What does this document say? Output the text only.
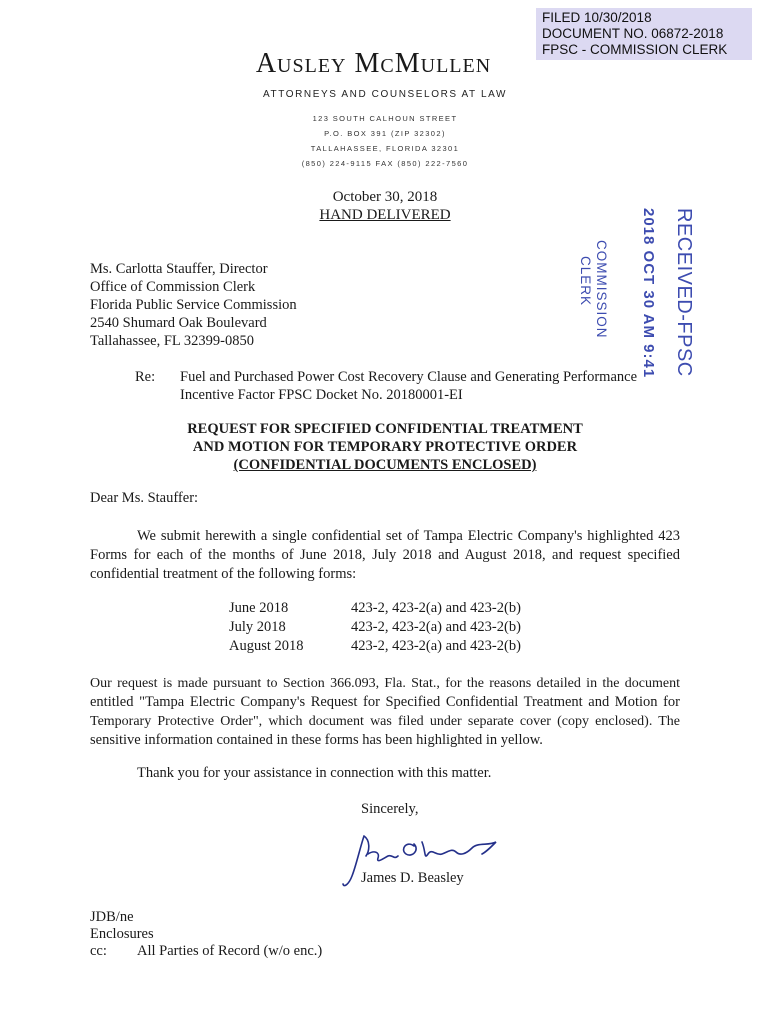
FILED 10/30/2018
DOCUMENT NO. 06872-2018
FPSC - COMMISSION CLERK
Ausley McMullen
ATTORNEYS AND COUNSELORS AT LAW
123 SOUTH CALHOUN STREET
P.O. BOX 391 (ZIP 32302)
TALLAHASSEE, FLORIDA 32301
(850) 224-9115 FAX (850) 222-7560
October 30, 2018
HAND DELIVERED	RECEIVED-FPSC
2018 OCT 30 AM 9:41
COMMISSION
CLERK
Ms. Carlotta Stauffer, Director
Office of Commission Clerk
Florida Public Service Commission
2540 Shumard Oak Boulevard
Tallahassee, FL 32399-0850
Re: Fuel and Purchased Power Cost Recovery Clause and Generating Performance
Incentive Factor FPSC Docket No. 20180001-EI
REQUEST FOR SPECIFIED CONFIDENTIAL TREATMENT
AND MOTION FOR TEMPORARY PROTECTIVE ORDER
(CONFIDENTIAL DOCUMENTS ENCLOSED)
Dear Ms. Stauffer:
We submit herewith a single confidential set of Tampa Electric Company's highlighted 423
Forms for each of the months of June 2018, July 2018 and August 2018, and request specified
confidential treatment of the following forms:
June 2018	423-2, 423-2(a) and 423-2(b)
July 2018	423-2, 423-2(a) and 423-2(b)
August 2018	423-2, 423-2(a) and 423-2(b)
Our request is made pursuant to Section 366.093, Fla. Stat., for the reasons detailed in the document
entitled "Tampa Electric Company's Request for Specified Confidential Treatment and Motion for
Temporary Protective Order", which document was filed under separate cover (copy enclosed). The
sensitive information contained in these forms has been highlighted in yellow.
Thank you for your assistance in connection with this matter.
Sincerely,
James D. Beasley
JDB/ne
Enclosures
cc: All Parties of Record (w/o enc.)
